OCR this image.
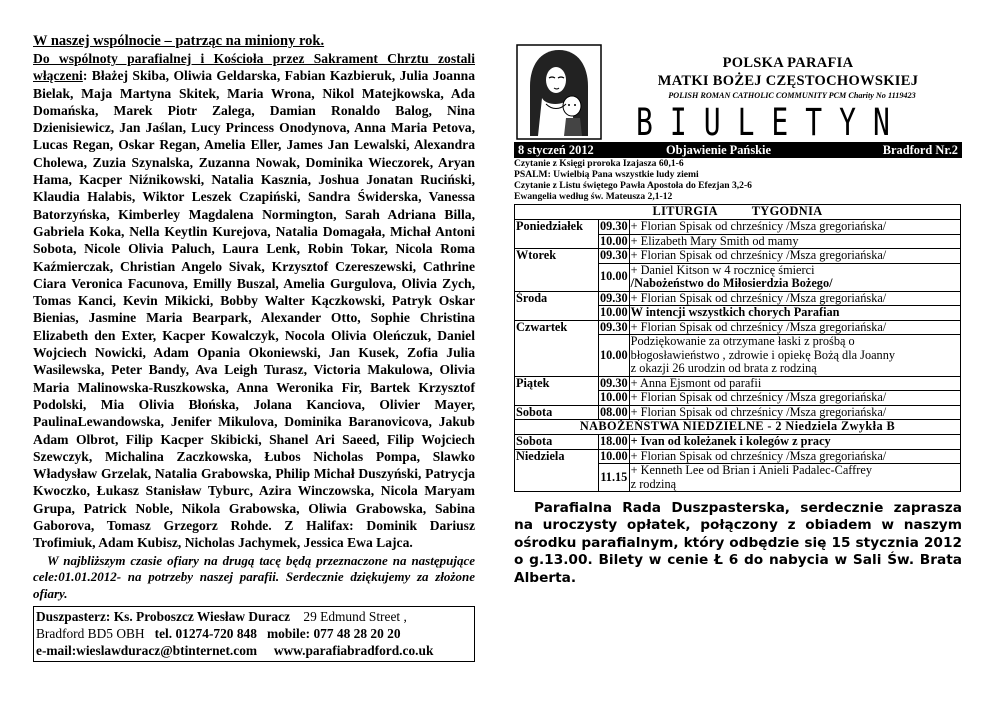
W naszej wspólnocie – patrząc na miniony rok.

Do wspólnoty parafialnej i Kościoła przez Sakrament Chrztu zostali włączeni: Błażej Skiba, Oliwia Geldarska, Fabian Kazbieruk, Julia Joanna Bielak, Maja Martyna Skitek, Maria Wrona, Nikol Matejkowska, Ada Domańska, Marek Piotr Zalega, Damian Ronaldo Balog, Nina Dzienisiewicz, Jan Jaślan, Lucy Princess Onodynova, Anna Maria Petova, Lucas Regan, Oskar Regan, Amelia Eller, James Jan Lewalski, Alexandra Cholewa, Zuzia Szynalska, Zuzanna Nowak, Dominika Wieczorek, Aryan Hama, Kacper Niźnikowski, Natalia Kasznia, Joshua Jonatan Ruciński, Klaudia Halabis, Wiktor Leszek Czapiński, Sandra Świderska, Vanessa Batorzyńska, Kimberley Magdalena Normington, Sarah Adriana Billa, Gabriela Koka, Nella Keytlin Kurejova, Natalia Domagała, Michał Antoni Sobota, Nicole Olivia Paluch, Laura Lenk, Robin Tokar, Nicola Roma Kaźmierczak, Christian Angelo Sivak, Krzysztof Czereszewski, Cathrine Ciara Veronica Facunova, Emilly Buszal, Amelia Gurgulova, Olivia Zych, Tomas Kanci, Kevin Mikicki, Bobby Walter Kączkowski, Patryk Oskar Bienias, Jasmine Maria Bearpark, Alexander Otto, Sophie Christina Elizabeth den Exter, Kacper Kowalczyk, Nocola Olivia Oleńczuk, Daniel Wojciech Nowicki, Adam Opania Okoniewski, Jan Kusek, Zofia Julia Wasilewska, Peter Bandy, Ava Leigh Turasz, Victoria Makulowa, Olivia Maria Malinowska-Ruszkowska, Anna Weronika Fir, Bartek Krzysztof Podolski, Mia Olivia Błońska, Jolana Kanciova, Olivier Mayer, PaulinaLewandowska, Jenifer Mikulova, Dominika Baranovicova, Jakub Adam Olbrot, Filip Kacper Skibicki, Shanel Ari Saeed, Filip Wojciech Szewczyk, Michalina Zaczkowska, Łubos Nicholas Pompa, Slawko Władysław Grzelak, Natalia Grabowska, Philip Michał Duszyński, Patrycja Kwoczko, Łukasz Stanisław Tyburc, Azira Winczowska, Nicola Maryam Grupa, Patrick Noble, Nikola Grabowska, Oliwia Grabowska, Sabina Gaborova, Tomasz Grzegorz Rohde. Z Halifax: Dominik Dariusz Trofimiuk, Adam Kubisz, Nicholas Jachymek, Jessica Ewa Lajca.

W najbliższym czasie ofiary na drugą tacę będą przeznaczone na następujące cele:01.01.2012- na potrzeby naszej parafii. Serdecznie dziękujemy za złożone ofiary.

Duszpasterz: Ks. Proboszcz Wiesław Duracz 29 Edmund Street ,
Bradford BD5 OBH tel. 01274-720 848 mobile: 077 48 28 20 20
e-mail:wieslawduracz@btinternet.com www.parafiabradford.co.uk
POLSKA PARAFIA
MATKI BOŻEJ CZĘSTOCHOWSKIEJ
POLISH ROMAN CATHOLIC COMMUNITY PCM Charity No 1119423
BIULETYN
8 styczeń 2012	Objawienie Pańskie	Bradford Nr.2
Czytanie z Księgi proroka Izajasza 60,1-6
PSALM: Uwielbią Pana wszystkie ludy ziemi
Czytanie z Listu świętego Pawła Apostoła do Efezjan 3,2-6
Ewangelia według św. Mateusza 2,1-12
LITURGIA          TYGODNIA		
Poniedziałek	09.30	+ Florian Spisak od chrześnicy /Msza gregoriańska/
	10.00	+ Elizabeth Mary Smith od mamy
Wtorek	09.30	+ Florian Spisak od chrześnicy /Msza gregoriańska/
	10.00	+ Daniel Kitson w 4 rocznicę śmierci
/Nabożeństwo do Miłosierdzia Bożego/

Środa	09.30	+ Florian Spisak od chrześnicy /Msza gregoriańska/
	10.00	W intencji wszystkich chorych Parafian
Czwartek	09.30	+ Florian Spisak od chrześnicy /Msza gregoriańska/
	10.00	Podziękowanie za otrzymane łaski z prośbą o
błogosławieństwo , zdrowie i opiekę Bożą dla Joanny
z okazji 26 urodzin od brata z rodziną

Piątek	09.30	+ Anna Ejsmont od parafii
	10.00	+ Florian Spisak od chrześnicy /Msza gregoriańska/
Sobota	08.00	+ Florian Spisak od chrześnicy /Msza gregoriańska/
NABOŻEŃSTWA NIEDZIELNE - 2 Niedziela Zwykła B		
Sobota	18.00	+ Ivan od koleżanek i kolegów z pracy
Niedziela	10.00	+ Florian Spisak od chrześnicy /Msza gregoriańska/
	11.15	+ Kenneth Lee od Brian i Anieli Padalec-Caffrey
z rodziną

Parafialna Rada Duszpasterska, serdecznie zaprasza na uroczysty opłatek, połączony z obiadem w naszym ośrodku parafialnym, który odbędzie się 15 stycznia 2012 o g.13.00. Bilety w cenie Ł 6 do nabycia w Sali Św. Brata Alberta.
